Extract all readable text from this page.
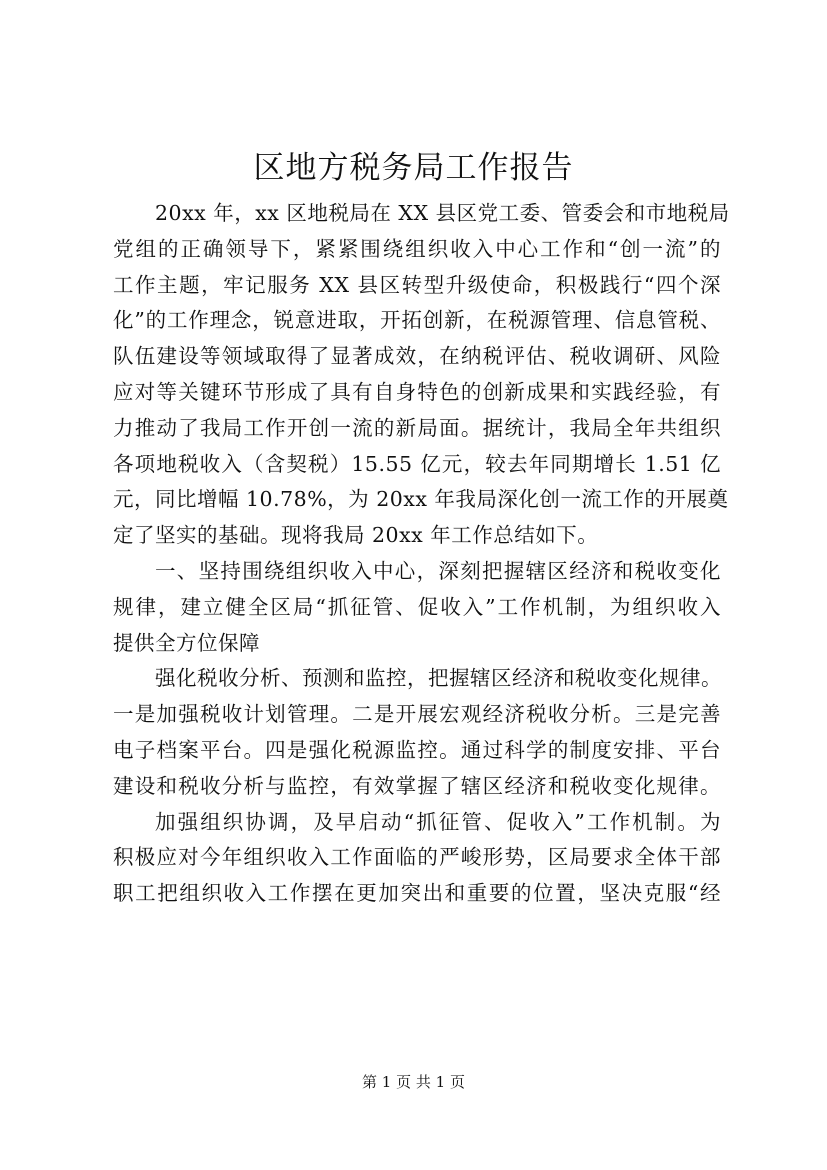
区地方税务局工作报告
20xx 年，xx 区地税局在 XX 县区党工委、管委会和市地税局
党组的正确领导下，紧紧围绕组织收入中心工作和“创一流”的
工作主题，牢记服务 XX 县区转型升级使命，积极践行“四个深
化”的工作理念，锐意进取，开拓创新，在税源管理、信息管税、
队伍建设等领域取得了显著成效，在纳税评估、税收调研、风险
应对等关键环节形成了具有自身特色的创新成果和实践经验，有
力推动了我局工作开创一流的新局面。据统计，我局全年共组织
各项地税收入（含契税）15.55 亿元，较去年同期增长 1.51 亿
元，同比增幅 10.78%，为 20xx 年我局深化创一流工作的开展奠
定了坚实的基础。现将我局 20xx 年工作总结如下。
一、坚持围绕组织收入中心，深刻把握辖区经济和税收变化
规律，建立健全区局“抓征管、促收入”工作机制，为组织收入
提供全方位保障
强化税收分析、预测和监控，把握辖区经济和税收变化规律。
一是加强税收计划管理。二是开展宏观经济税收分析。三是完善
电子档案平台。四是强化税源监控。通过科学的制度安排、平台
建设和税收分析与监控，有效掌握了辖区经济和税收变化规律。
加强组织协调，及早启动“抓征管、促收入”工作机制。为
积极应对今年组织收入工作面临的严峻形势，区局要求全体干部
职工把组织收入工作摆在更加突出和重要的位置，坚决克服“经
第 1 页 共 1 页
